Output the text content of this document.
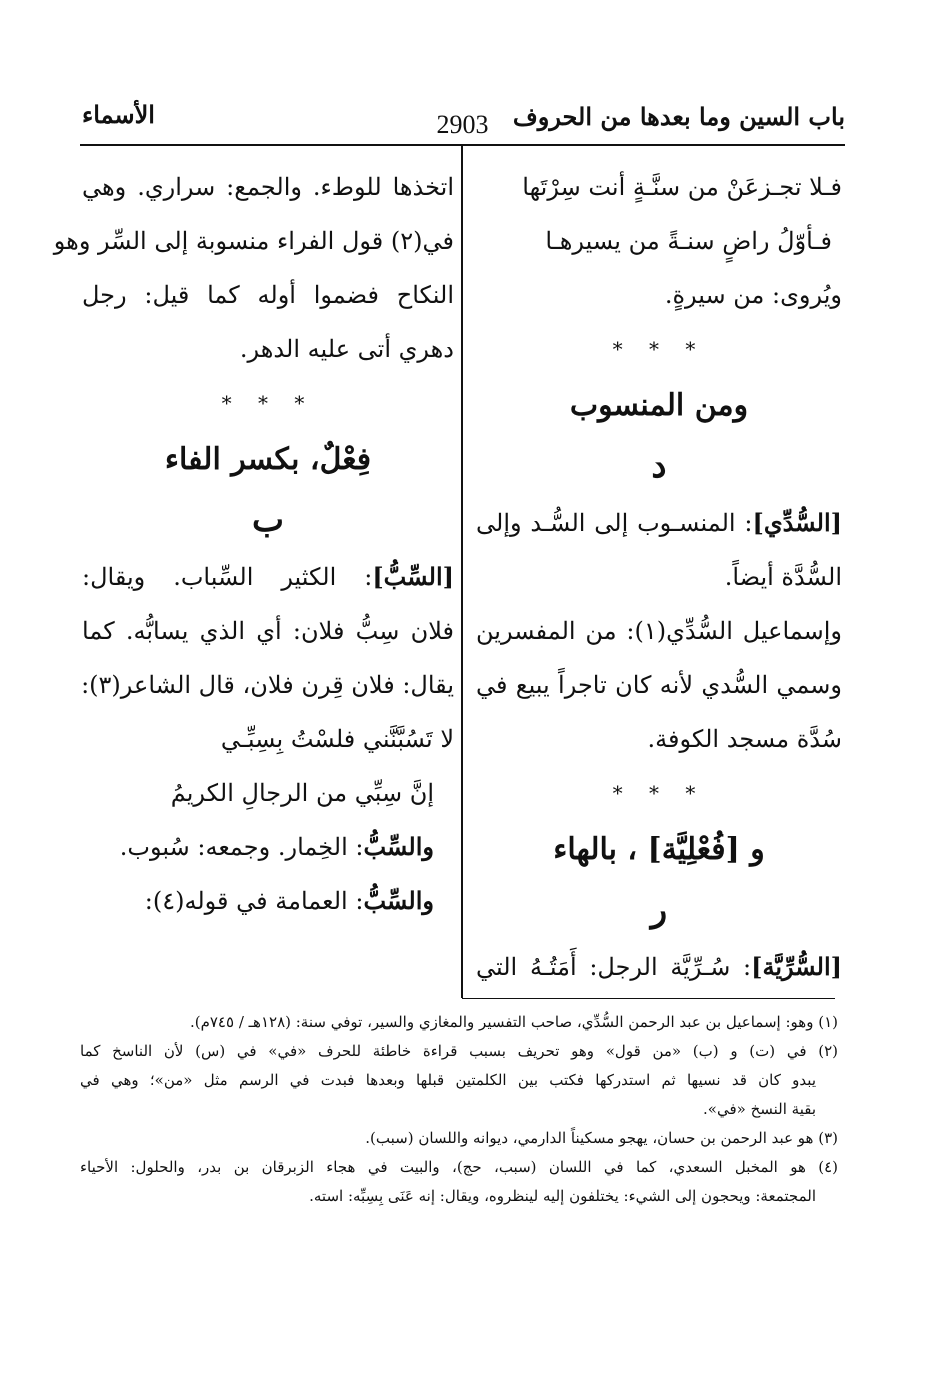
الأسماء	2903	باب السين وما بعدها من الحروف
فـلا تجـزعَنْ من سنَّـةٍ أنت سِرْتَها
فـأوّلُ راضٍ سنـةً من يسيرهـا
ويُروى: من سيرةٍ.
* * *
ومن المنسوب
د
[السُّدِّي]: المنسـوب إلى السُّـد وإلى
السُّدَّة أيضاً.
وإسماعيل السُّدِّي(١): من المفسرين
وسمي السُّدي لأنه كان تاجراً يبيع في
سُدَّة مسجد الكوفة.
* * *
و [فُعْلِيَّة] ، بالهاء
ر
[السُّرِّيَّة]: سُـرِّيَّة الرجل: أَمَتُـهُ التي
اتخذها للوطء. والجمع: سراري. وهي
في(٢) قول الفراء منسوبة إلى السِّر وهو
النكاح فضموا أوله كما قيل: رجل
دهري أتى عليه الدهر.
* * *
فِعْلٌ، بكسر الفاء
ب
[السِّبُّ]: الكثير السِّباب. ويقال:
فلان سِبُّ فلان: أي الذي يسابُّه. كما
يقال: فلان قِرن فلان، قال الشاعر(٣):
لا تَسُبَّنَّني فلسْتُ بِسِبِّـي
إنَّ سِبِّي من الرجالِ الكريمُ
والسِّبُّ: الخِمار. وجمعه: سُبوب.
والسِّبُّ: العمامة في قوله(٤):
(١) وهو: إسماعيل بن عبد الرحمن السُّدِّي، صاحب التفسير والمغازي والسير، توفي سنة: (١٢٨هـ / ٧٤٥م).
(٢) في (ت) و (ب) «من قول» وهو تحريف بسبب قراءة خاطئة للحرف «في» في (س) لأن الناسخ كما
يبدو كان قد نسيها ثم استدركها فكتب بين الكلمتين قبلها وبعدها فبدت في الرسم مثل «من»؛ وهي في
بقية النسخ «في».
(٣) هو عبد الرحمن بن حسان، يهجو مسكيناً الدارمي، ديوانه واللسان (سبب).
(٤) هو المخبل السعدي، كما في اللسان (سبب، حج)، والبيت في هجاء الزبرقان بن بدر، والحلول: الأحياء
المجتمعة: ويحجون إلى الشيء: يختلفون إليه لينظروه، ويقال: إنه عَنَى بِسِبِّه: استه.
